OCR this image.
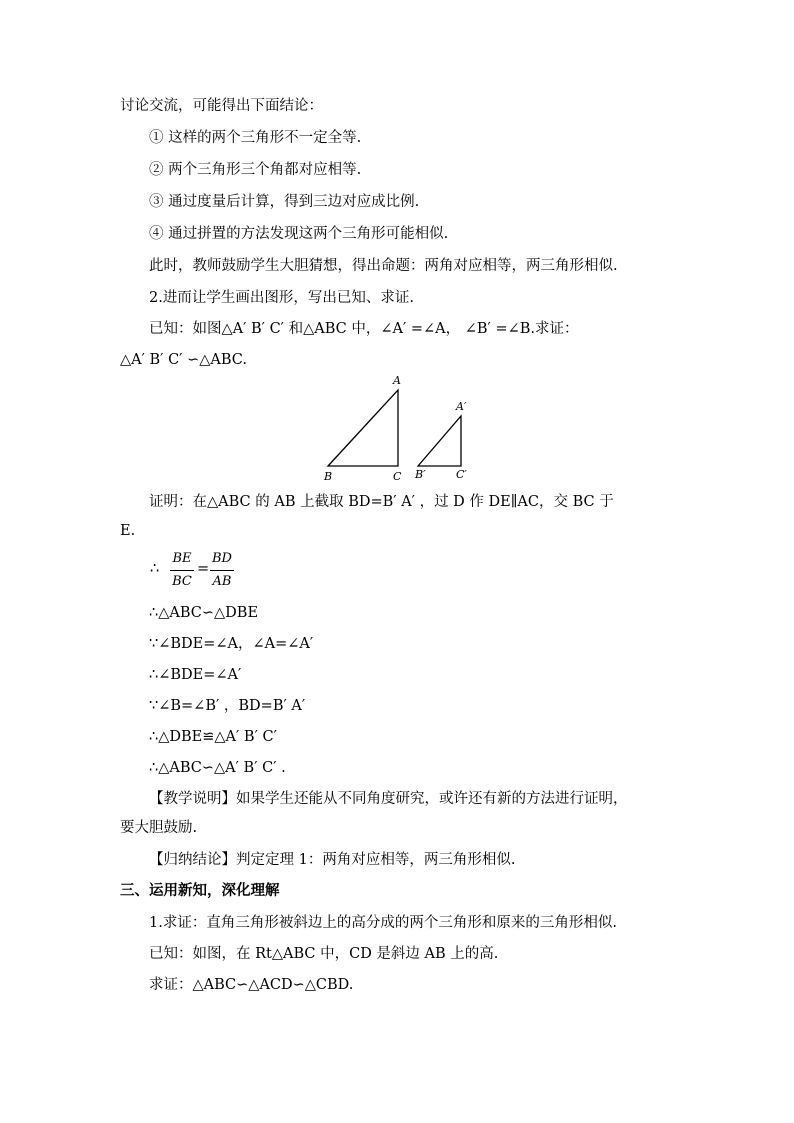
讨论交流，可能得出下面结论：
① 这样的两个三角形不一定全等.
② 两个三角形三个角都对应相等.
③ 通过度量后计算，得到三边对应成比例.
④ 通过拼置的方法发现这两个三角形可能相似.
此时，教师鼓励学生大胆猜想，得出命题：两角对应相等，两三角形相似.
2.进而让学生画出图形，写出已知、求证.
已知：如图△A′ B′ C′ 和△ABC 中，∠A′ =∠A， ∠B′ =∠B.求证：
△A′ B′ C′ ∽△ABC.
A
B	C
A′
B′	C′
证明：在△ABC 的 AB 上截取 BD=B′ A′ ，过 D 作 DE∥AC，交 BC 于
E.
∴
BE
BC
=
BD
AB
∴△ABC∽△DBE
∵∠BDE=∠A，∠A=∠A′
∴∠BDE=∠A′
∵∠B=∠B′ ，BD=B′ A′
∴△DBE≌△A′ B′ C′
∴△ABC∽△A′ B′ C′ .
【教学说明】如果学生还能从不同角度研究，或许还有新的方法进行证明，
要大胆鼓励.
【归纳结论】判定定理 1：两角对应相等，两三角形相似.
三、运用新知，深化理解
1.求证：直角三角形被斜边上的高分成的两个三角形和原来的三角形相似.
已知：如图，在 Rt△ABC 中，CD 是斜边 AB 上的高.
求证：△ABC∽△ACD∽△CBD.
